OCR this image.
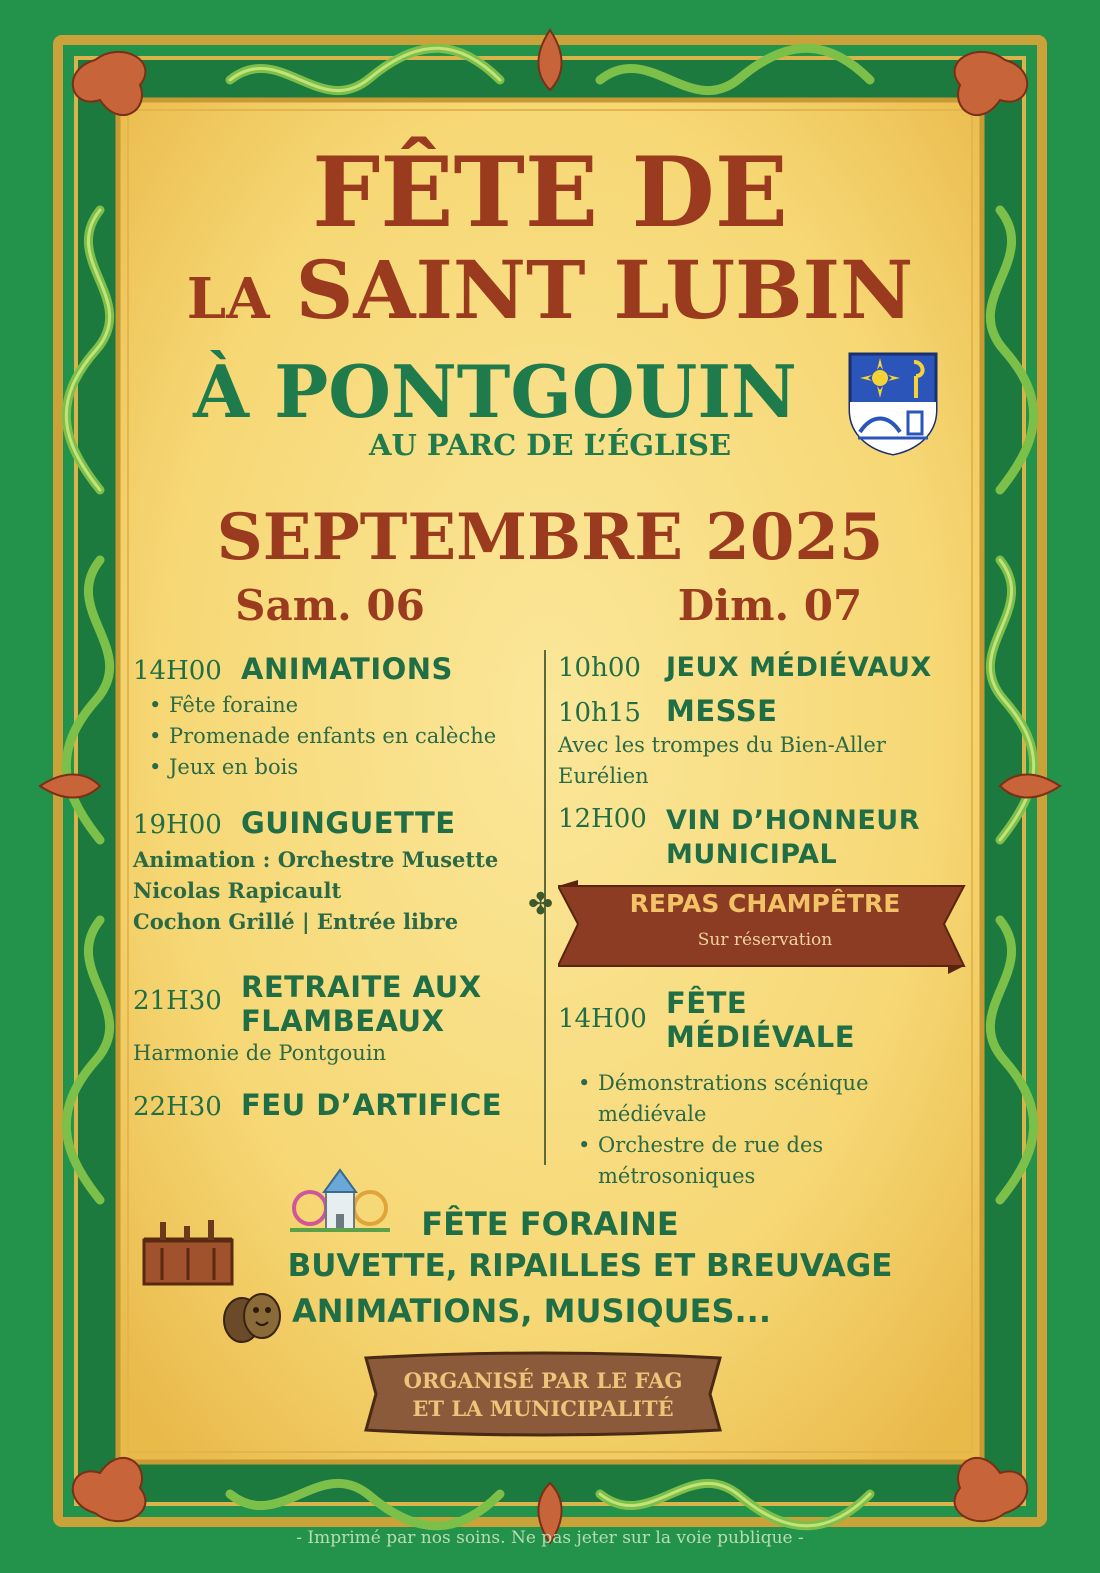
FÊTE DE
LA SAINT LUBIN
À PONTGOUIN
AU PARC DE L’ÉGLISE
SEPTEMBRE 2025
Sam. 06	Dim. 07
14H00 ANIMATIONS
• Fête foraine
• Promenade enfants en calèche
• Jeux en bois
19H00 GUINGUETTE
Animation : Orchestre Musette
Nicolas Rapicault
Cochon Grillé | Entrée libre
21H30 RETRAITE AUX
FLAMBEAUX
Harmonie de Pontgouin
22H30 FEU D’ARTIFICE
✤
10h00 JEUX MÉDIÉVAUX
10h15 MESSE
Avec les trompes du Bien-Aller
Eurélien
12H00 VIN D’HONNEUR
MUNICIPAL
REPAS CHAMPÊTRE
Sur réservation
14H00 FÊTE
MÉDIÉVALE
• Démonstrations scénique
médiévale
• Orchestre de rue des
métrosoniques
FÊTE FORAINE
BUVETTE, RIPAILLES ET BREUVAGE
ANIMATIONS, MUSIQUES...
ORGANISÉ PAR LE FAG
ET LA MUNICIPALITÉ
- Imprimé par nos soins. Ne pas jeter sur la voie publique -
